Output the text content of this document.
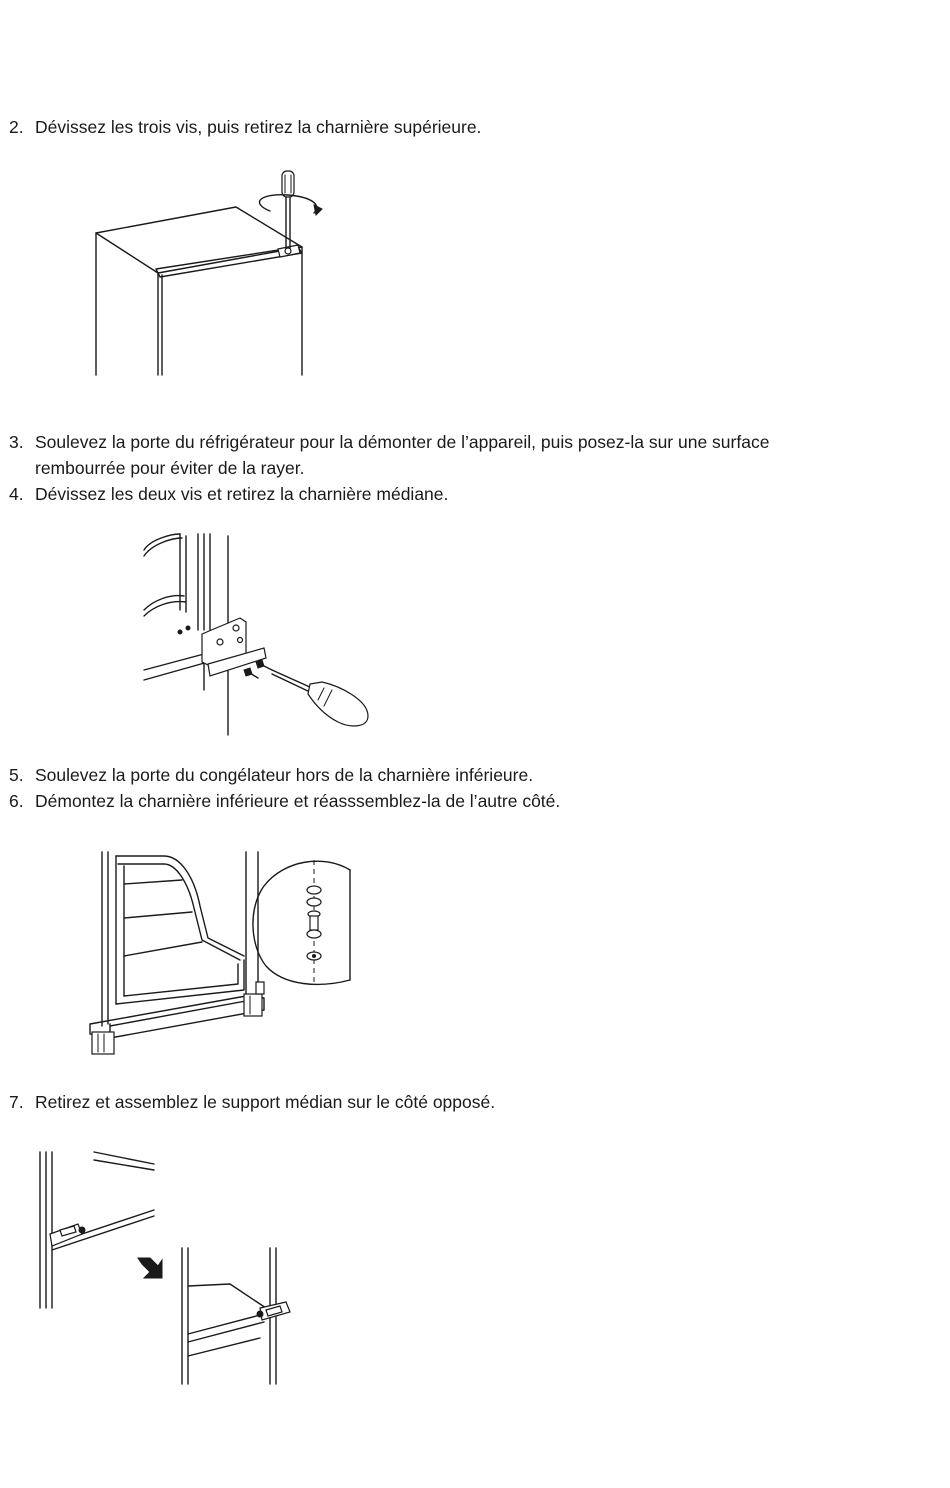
2. Dévissez les trois vis, puis retirez la charnière supérieure.
3. Soulevez la porte du réfrigérateur pour la démonter de l’appareil, puis posez-la sur une surface
rembourrée pour éviter de la rayer.
4. Dévissez les deux vis et retirez la charnière médiane.
5. Soulevez la porte du congélateur hors de la charnière inférieure.
6. Démontez la charnière inférieure et réasssemblez-la de l’autre côté.
7. Retirez et assemblez le support médian sur le côté opposé.
